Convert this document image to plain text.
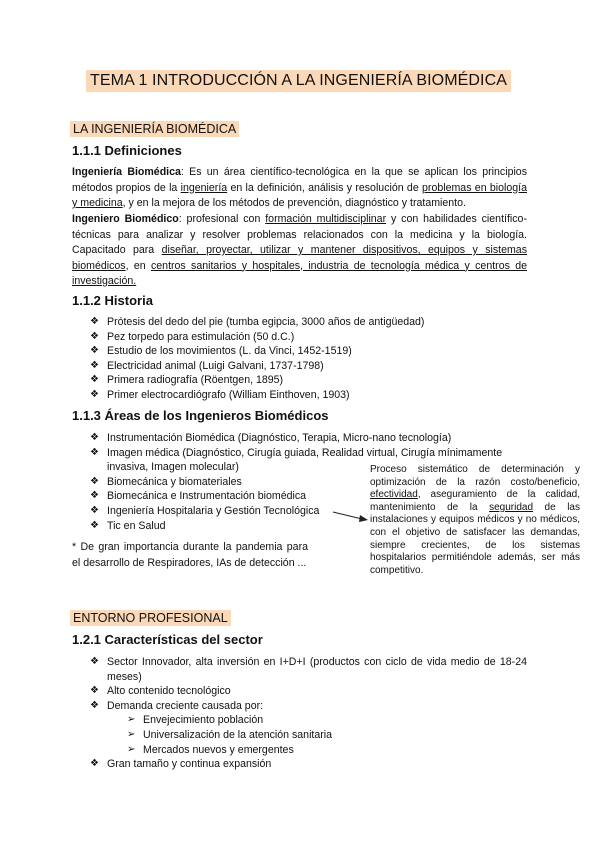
TEMA 1 INTRODUCCIÓN A LA INGENIERÍA BIOMÉDICA
LA INGENIERÍA BIOMÉDICA
1.1.1 Definiciones
Ingeniería Biomédica: Es un área científico-tecnológica en la que se aplican los principios métodos propios de la ingeniería en la definición, análisis y resolución de problemas en biología y medicina, y en la mejora de los métodos de prevención, diagnóstico y tratamiento.
Ingeniero Biomédico: profesional con formación multidisciplinar y con habilidades científico-técnicas para analizar y resolver problemas relacionados con la medicina y la biología. Capacitado para diseñar, proyectar, utilizar y mantener dispositivos, equipos y sistemas biomédicos, en centros sanitarios y hospitales, industria de tecnología médica y centros de investigación.
1.1.2 Historia
❖ Prótesis del dedo del pie (tumba egipcia, 3000 años de antigüedad)
❖ Pez torpedo para estimulación (50 d.C.)
❖ Estudio de los movimientos (L. da Vinci, 1452-1519)
❖ Electricidad animal (Luigi Galvani, 1737-1798)
❖ Primera radiografía (Röentgen, 1895)
❖ Primer electrocardiógrafo (William Einthoven, 1903)
1.1.3 Áreas de los Ingenieros Biomédicos
❖ Instrumentación Biomédica (Diagnóstico, Terapia, Micro-nano tecnología)
❖ Imagen médica (Diagnóstico, Cirugía guiada, Realidad virtual, Cirugía mínimamente invasiva, Imagen molecular)
❖ Biomecánica y biomateriales
❖ Biomecánica e Instrumentación biomédica
❖ Ingeniería Hospitalaria y Gestión Tecnológica
❖ Tic en Salud
Proceso sistemático de determinación y optimización de la razón costo/beneficio, efectividad, aseguramiento de la calidad, mantenimiento de la seguridad de las instalaciones y equipos médicos y no médicos, con el objetivo de satisfacer las demandas, siempre crecientes, de los sistemas hospitalarios permitiéndole además, ser más competitivo.
* De gran importancia durante la pandemia para el desarrollo de Respiradores, IAs de detección ...
ENTORNO PROFESIONAL
1.2.1 Características del sector
❖ Sector Innovador, alta inversión en I+D+I (productos con ciclo de vida medio de 18-24 meses)
❖ Alto contenido tecnológico
❖ Demanda creciente causada por:
➢ Envejecimiento población
➢ Universalización de la atención sanitaria
➢ Mercados nuevos y emergentes
❖ Gran tamaño y continua expansión
